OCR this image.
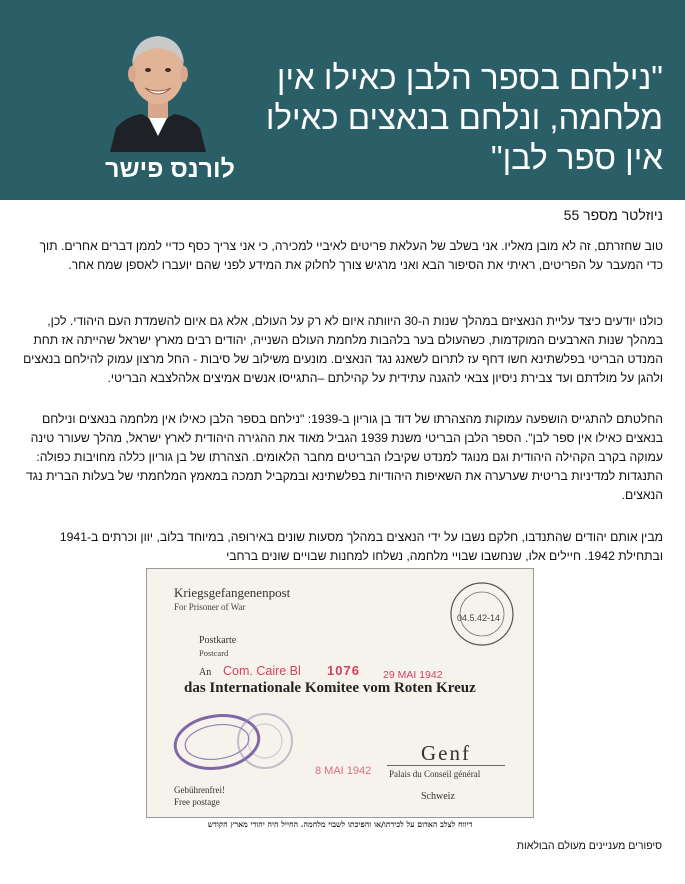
לורנס פישר
"נילחם בספר הלבן כאילו אין מלחמה, ונלחם בנאצים כאילו אין ספר לבן"
ניוזלטר מספר 55

טוב שחזרתם, זה לא מובן מאליו. אני בשלב של העלאת פריטים לאיביי למכירה, כי אני צריך כסף כדיי לממן דברים אחרים. תוך כדי המעבר על הפריטים, ראיתי את הסיפור הבא ואני מרגיש צורך לחלוק את המידע לפני שהם יועברו לאספן שמח אחר.

כולנו יודעים כיצד עליית הנאציזם במהלך שנות ה-30 היוותה איום לא רק על העולם, אלא גם איום להשמדת העם היהודי. לכן, במהלך שנות הארבעים המוקדמות, כשהעולם בער בלהבות מלחמת העולם השנייה, יהודים רבים מארץ ישראל שהייתה אז תחת המנדט הבריטי בפלשתינא חשו דחף עז לתרום לשאנג נגד הנאצים. מונעים משילוב של סיבות - החל מרצון עמוק להילחם בנאצים ולהגן על מולדתם ועד צבירת ניסיון צבאי להגנה עתידית על קהילתם –התגייסו אנשים אמיצים אלהלצבא הבריטי.

החלטתם להתגייס הושפעה עמוקות מהצהרתו של דוד בן גוריון ב-1939: "נילחם בספר הלבן כאילו אין מלחמה בנאצים ונילחם בנאצים כאילו אין ספר לבן". הספר הלבן הבריטי משנת 1939 הגביל מאוד את ההגירה היהודית לארץ ישראל, מהלך שעורר טינה עמוקה בקרב הקהילה היהודית וגם מנוגד למנדט שקיבלו הבריטים מחבר הלאומים. הצהרתו של בן גוריון כללה מחויבות כפולה: התנגדות למדיניות בריטית שערערה את השאיפות היהודיות בפלשתינא ובמקביל תמכה במאמץ המלחמתי של בעלות הברית נגד הנאצים.

מבין אותם יהודים שהתנדבו, חלקם נשבו על ידי הנאצים במהלך מסעות שונים באירופה, במיוחד בלוב, יוון וכרתים ב-1941 ובתחילת 1942. חיילים אלו, שנחשבו שבויי מלחמה, נשלחו למחנות שבויים שונים ברחבי

Kriegsgefangenenpost
For Prisoner of War
04.5.42-14
Postkarte
Postcard
An Com. Caire Bl 1076 29 MAI 1942
das Internationale Komitee vom Roten Kreuz
8 MAI 1942
Genf
Palais du Conseil général
Schweiz
Gebührenfrei!
Free postage
דיווח לצלב האדום על לכידתו/או והפיכתו לשבוי מלחמה. החייל היה יהודי מארץ הקודש
סיפורים מעניינים מעולם הבולאות
